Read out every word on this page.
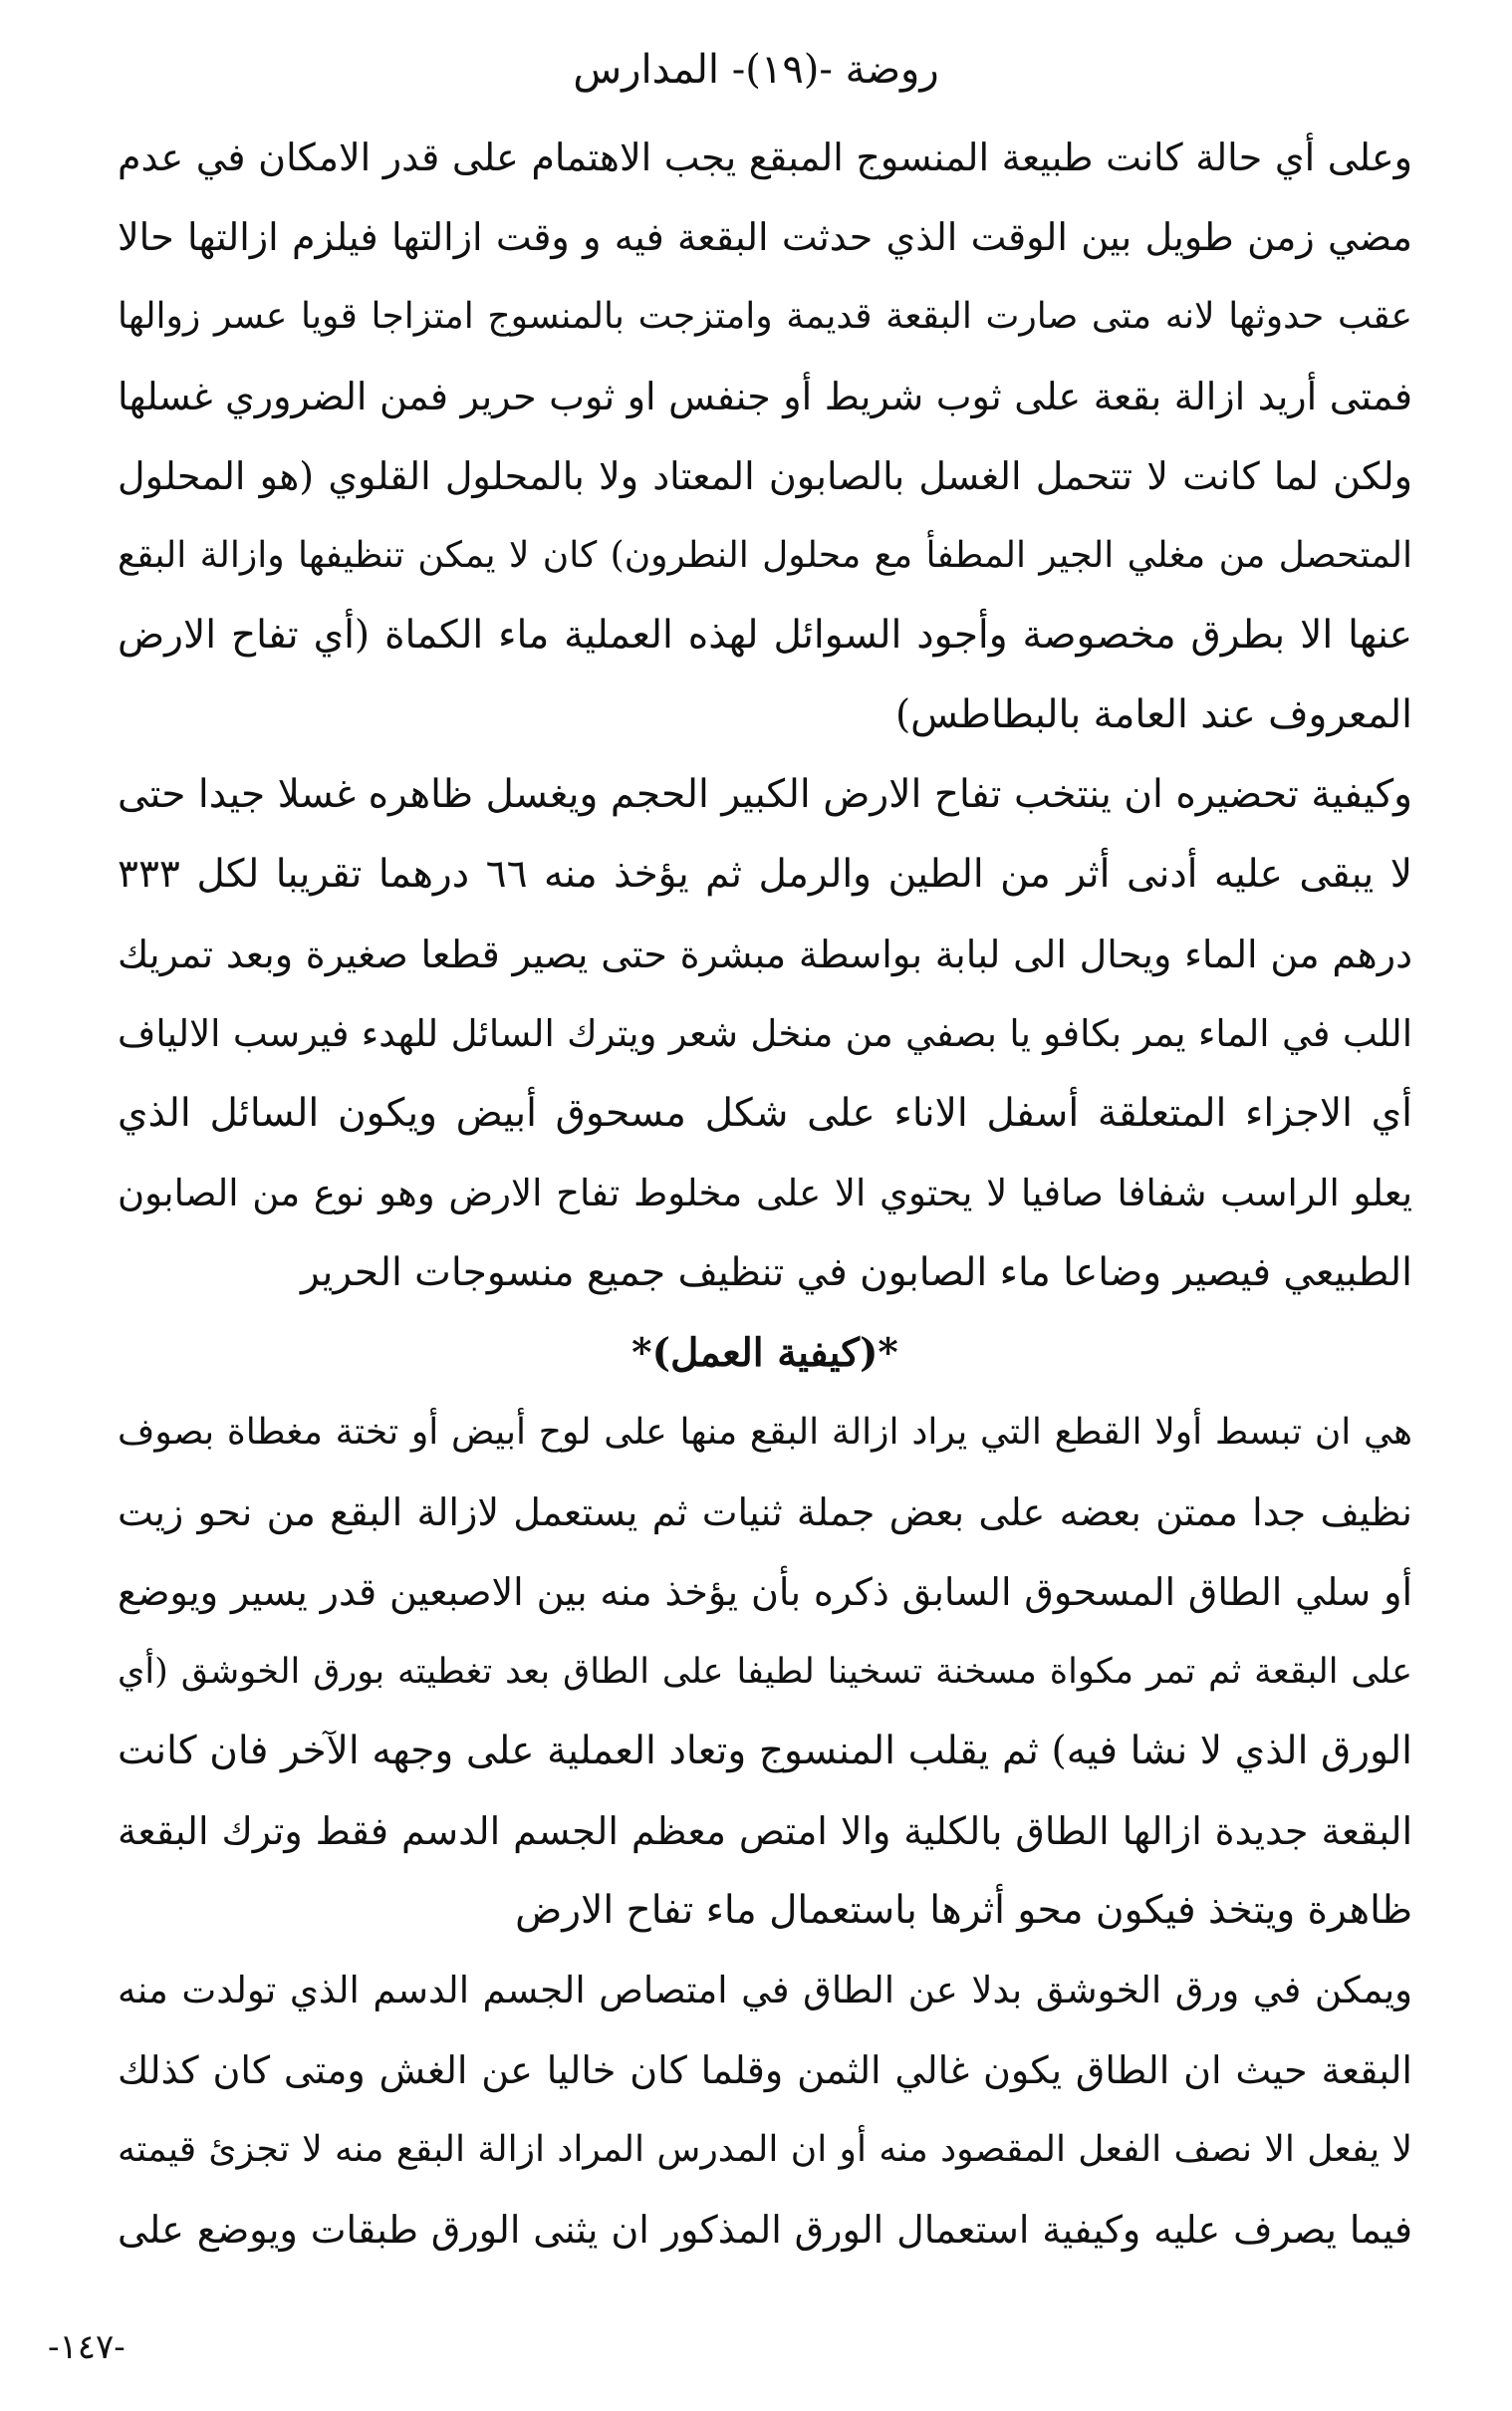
روضة -(١٩)- المدارس
وعلى أي حالة كانت طبيعة المنسوج المبقع يجب الاهتمام على قدر الامكان في عدم
مضي زمن طويل بين الوقت الذي حدثت البقعة فيه و وقت ازالتها فيلزم ازالتها حالا
عقب حدوثها لانه متى صارت البقعة قديمة وامتزجت بالمنسوج امتزاجا قويا عسر زوالها
فمتى أريد ازالة بقعة على ثوب شريط أو جنفس او ثوب حرير فمن الضروري غسلها
ولكن لما كانت لا تتحمل الغسل بالصابون المعتاد ولا بالمحلول القلوي (هو المحلول
المتحصل من مغلي الجير المطفأ مع محلول النطرون) كان لا يمكن تنظيفها وازالة البقع
عنها الا بطرق مخصوصة وأجود السوائل لهذه العملية ماء الكماة (أي تفاح الارض
المعروف عند العامة بالبطاطس)
وكيفية تحضيره ان ينتخب تفاح الارض الكبير الحجم ويغسل ظاهره غسلا جيدا حتى
لا يبقى عليه أدنى أثر من الطين والرمل ثم يؤخذ منه ٦٦ درهما تقريبا لكل ٣٣٣
درهم من الماء ويحال الى لبابة بواسطة مبشرة حتى يصير قطعا صغيرة وبعد تمريك
اللب في الماء يمر بكافو يا بصفي من منخل شعر ويترك السائل للهدء فيرسب الالياف
أي الاجزاء المتعلقة أسفل الاناء على شكل مسحوق أبيض ويكون السائل الذي
يعلو الراسب شفافا صافيا لا يحتوي الا على مخلوط تفاح الارض وهو نوع من الصابون
الطبيعي فيصير وضاعا ماء الصابون في تنظيف جميع منسوجات الحرير
*(كيفية العمل)*
هي ان تبسط أولا القطع التي يراد ازالة البقع منها على لوح أبيض أو تختة مغطاة بصوف
نظيف جدا ممتن بعضه على بعض جملة ثنيات ثم يستعمل لازالة البقع من نحو زيت
أو سلي الطاق المسحوق السابق ذكره بأن يؤخذ منه بين الاصبعين قدر يسير ويوضع
على البقعة ثم تمر مكواة مسخنة تسخينا لطيفا على الطاق بعد تغطيته بورق الخوشق (أي
الورق الذي لا نشا فيه) ثم يقلب المنسوج وتعاد العملية على وجهه الآخر فان كانت
البقعة جديدة ازالها الطاق بالكلية والا امتص معظم الجسم الدسم فقط وترك البقعة
ظاهرة ويتخذ فيكون محو أثرها باستعمال ماء تفاح الارض
ويمكن في ورق الخوشق بدلا عن الطاق في امتصاص الجسم الدسم الذي تولدت منه
البقعة حيث ان الطاق يكون غالي الثمن وقلما كان خاليا عن الغش ومتى كان كذلك
لا يفعل الا نصف الفعل المقصود منه أو ان المدرس المراد ازالة البقع منه لا تجزئ قيمته
فيما يصرف عليه وكيفية استعمال الورق المذكور ان يثنى الورق طبقات ويوضع على
-١٤٧-
